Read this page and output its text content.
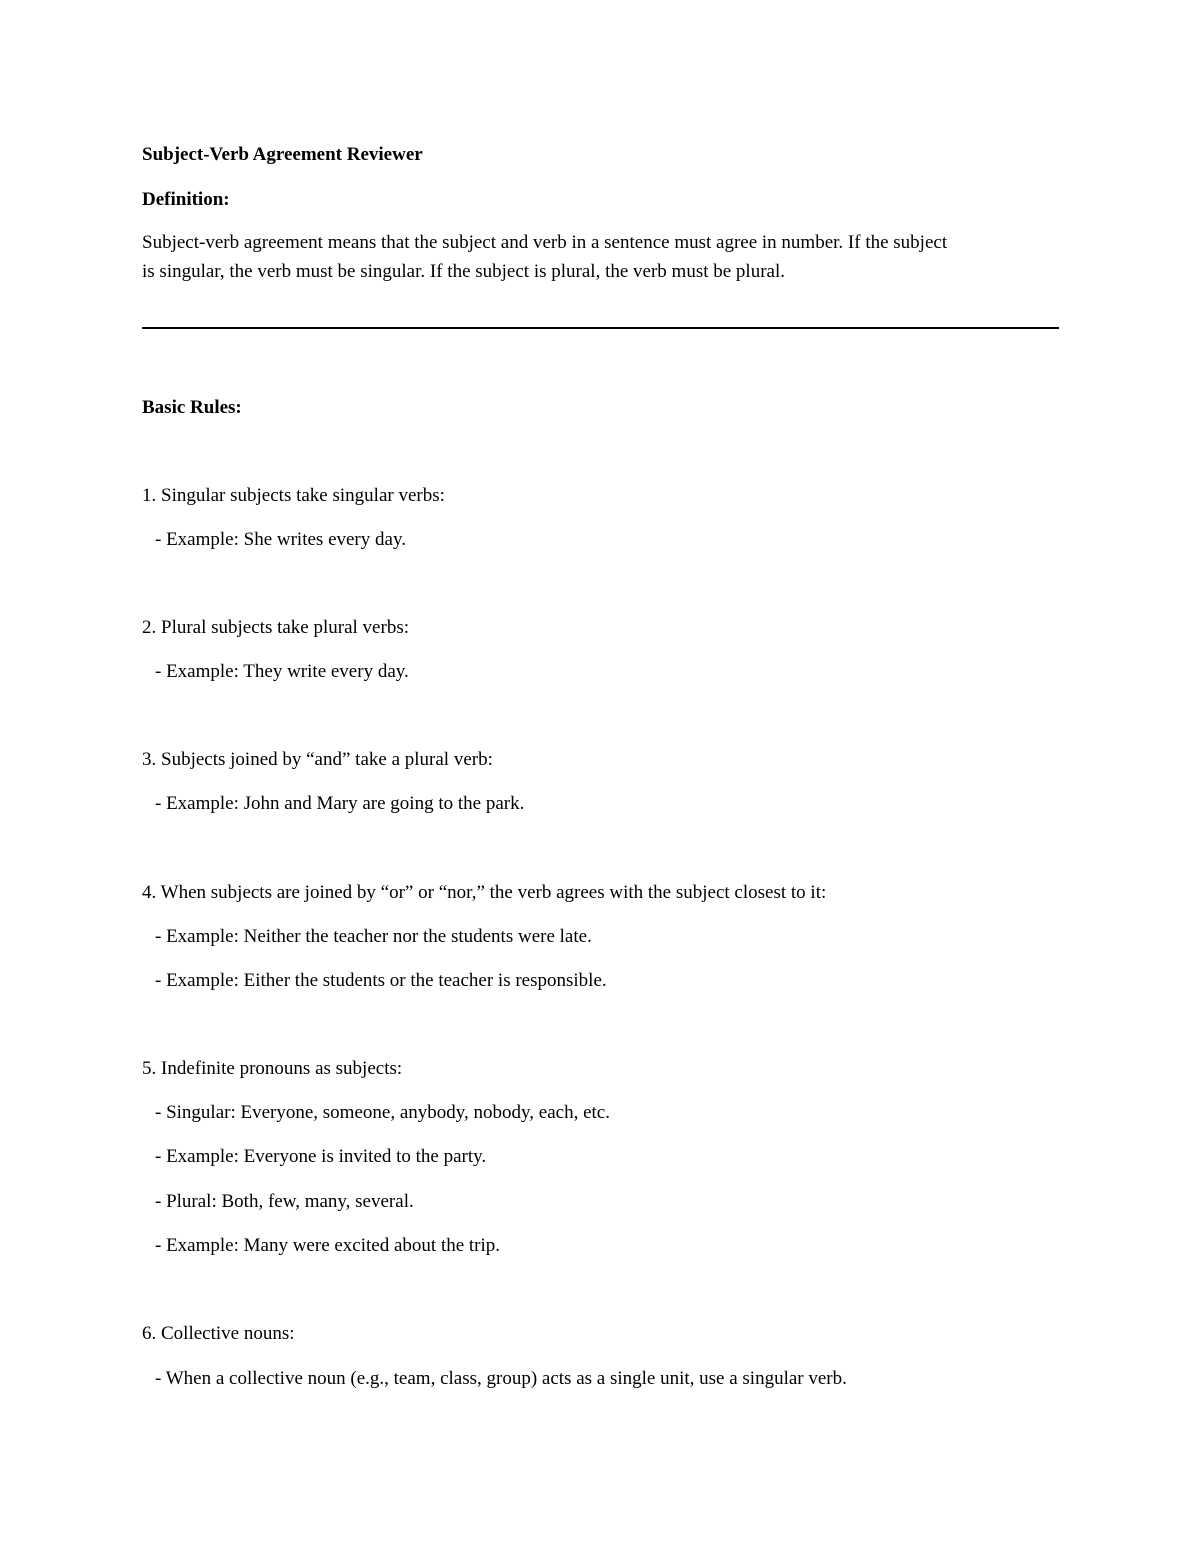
Subject-Verb Agreement Reviewer
Definition:
Subject-verb agreement means that the subject and verb in a sentence must agree in number. If the subject
is singular, the verb must be singular. If the subject is plural, the verb must be plural.
Basic Rules:
1. Singular subjects take singular verbs:
- Example: She writes every day.
2. Plural subjects take plural verbs:
- Example: They write every day.
3. Subjects joined by “and” take a plural verb:
- Example: John and Mary are going to the park.
4. When subjects are joined by “or” or “nor,” the verb agrees with the subject closest to it:
- Example: Neither the teacher nor the students were late.
- Example: Either the students or the teacher is responsible.
5. Indefinite pronouns as subjects:
- Singular: Everyone, someone, anybody, nobody, each, etc.
- Example: Everyone is invited to the party.
- Plural: Both, few, many, several.
- Example: Many were excited about the trip.
6. Collective nouns:
- When a collective noun (e.g., team, class, group) acts as a single unit, use a singular verb.
